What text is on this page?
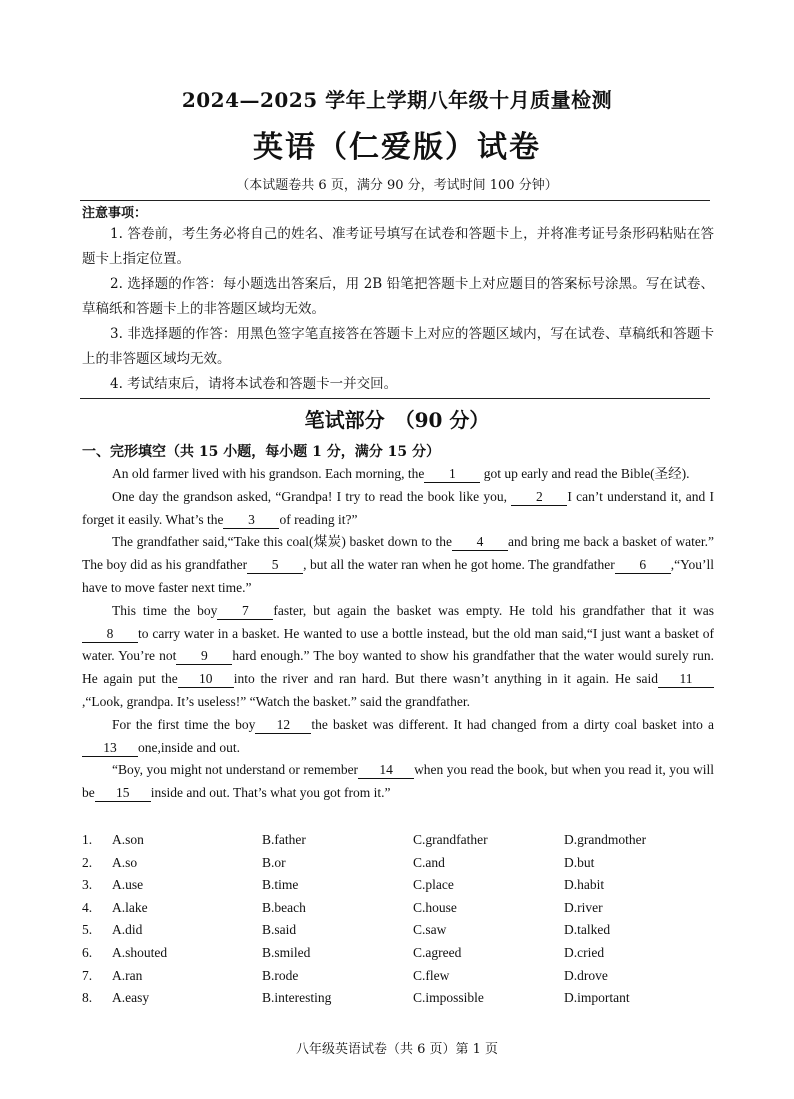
2024—2025 学年上学期八年级十月质量检测
英语（仁爱版）试卷
（本试题卷共 6 页，满分 90 分，考试时间 100 分钟）
注意事项：

1. 答卷前，考生务必将自己的姓名、准考证号填写在试卷和答题卡上，并将准考证号条形码粘贴在答题卡上指定位置。

2. 选择题的作答：每小题选出答案后，用 2B 铅笔把答题卡上对应题目的答案标号涂黑。写在试卷、草稿纸和答题卡上的非答题区域均无效。

3. 非选择题的作答：用黑色签字笔直接答在答题卡上对应的答题区域内，写在试卷、草稿纸和答题卡上的非答题区域均无效。

4. 考试结束后，请将本试卷和答题卡一并交回。

笔试部分　（90 分）
一、完形填空（共 15 小题，每小题 1 分，满分 15 分）

An old farmer lived with his grandson. Each morning, the 1 got up early and read the Bible(圣经).

One day the grandson asked, “Grandpa! I try to read the book like you, 2 I can’t understand it, and I forget it easily. What’s the 3 of reading it?”

The grandfather said,“Take this coal(煤炭) basket down to the 4 and bring me back a basket of water.” The boy did as his grandfather 5 , but all the water ran when he got home. The grandfather 6 ,“You’ll have to move faster next time.”

This time the boy 7 faster, but again the basket was empty. He told his grandfather that it was 8 to carry water in a basket. He wanted to use a bottle instead, but the old man said,“I just want a basket of water. You’re not 9 hard enough.” The boy wanted to show his grandfather that the water would surely run. He again put the 10 into the river and ran hard. But there wasn’t anything in it again. He said 11,“Look, grandpa. It’s useless!” “Watch the basket.” said the grandfather.

For the first time the boy 12 the basket was different. It had changed from a dirty coal basket into a13 one,inside and out.

“Boy, you might not understand or remember 14 when you read the book, but when you read it, you will be 15 inside and out. That’s what you got from it.”

1. A.son	B.father	C.grandfather	D.grandmother
2. A.so	B.or	C.and	D.but
3. A.use	B.time	C.place	D.habit
4. A.lake	B.beach	C.house	D.river
5. A.did	B.said	C.saw	D.talked
6. A.shouted	B.smiled	C.agreed	D.cried
7. A.ran	B.rode	C.flew	D.drove
8. A.easy	B.interesting	C.impossible	D.important
八年级英语试卷（共 6 页）第 1 页
